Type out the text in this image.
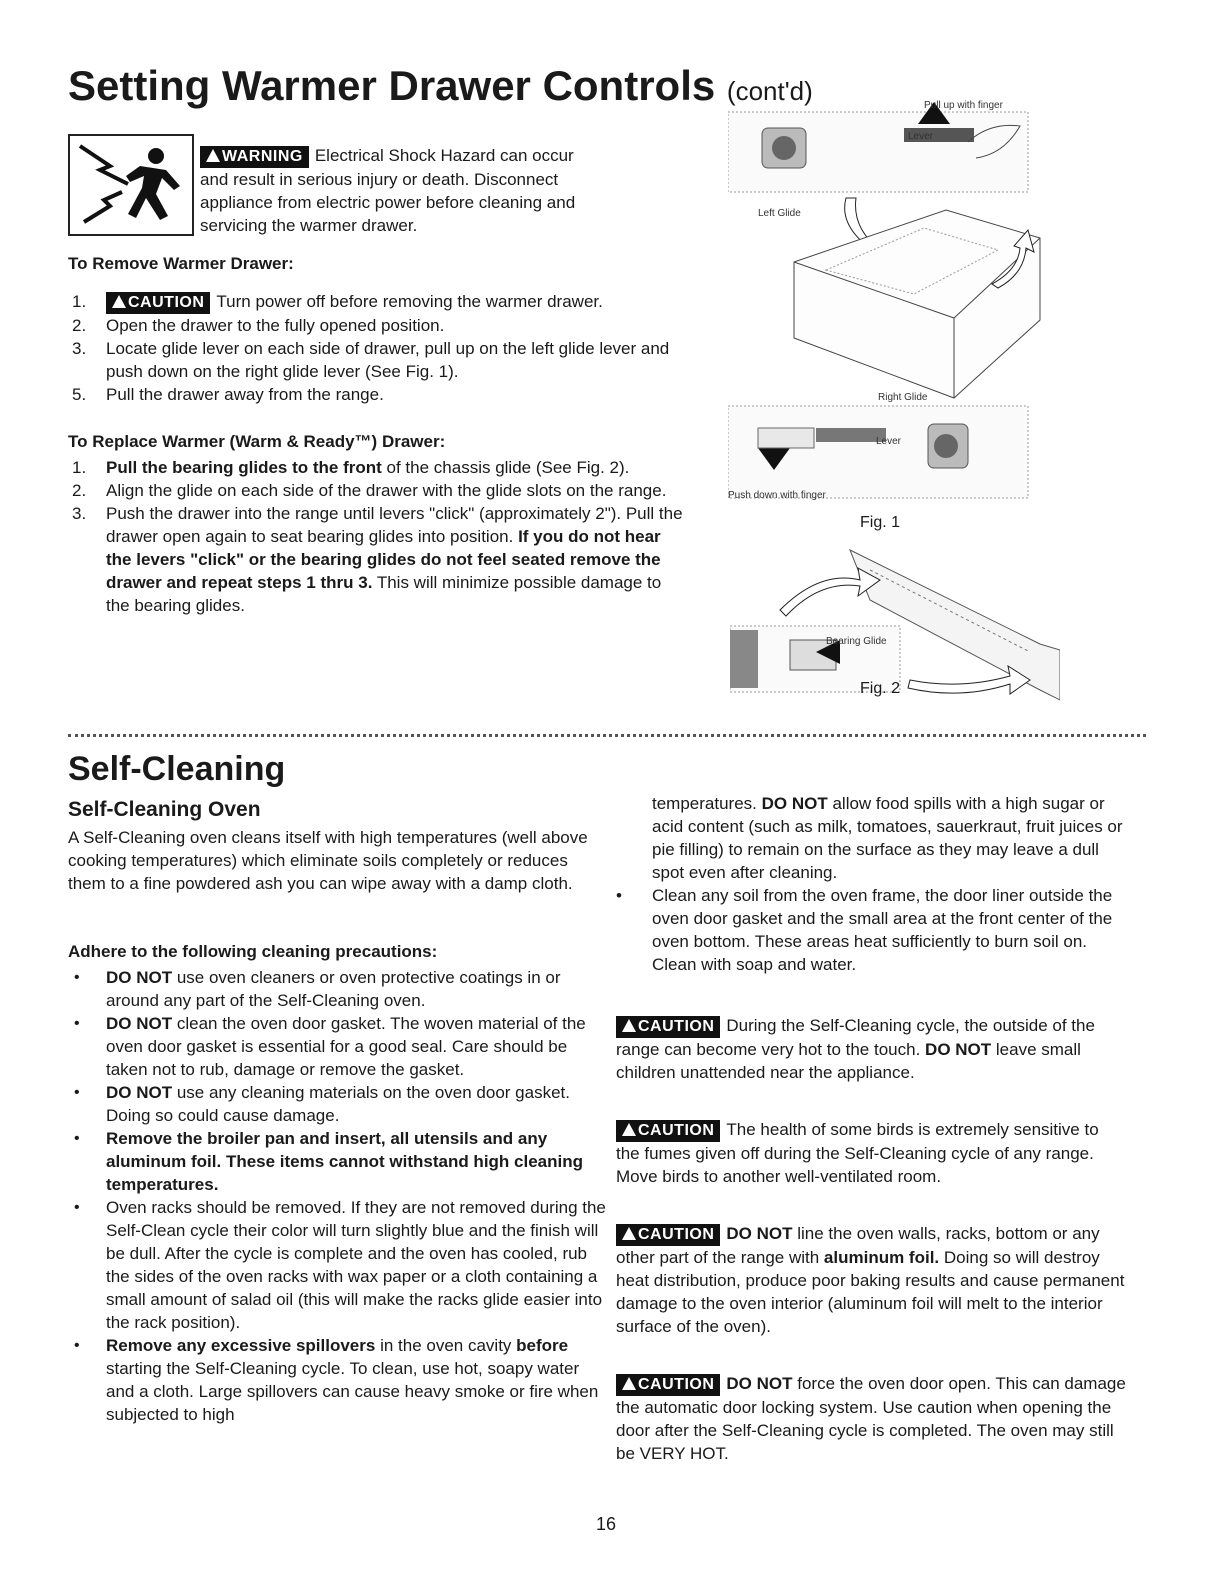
Setting Warmer Drawer Controls (cont'd)
WARNING Electrical Shock Hazard can occur and result in serious injury or death. Disconnect appliance from electric power before cleaning and servicing the warmer drawer.
To Remove Warmer Drawer:
1.	CAUTION Turn power off before removing the warmer drawer.
2. Open the drawer to the fully opened position.
3. Locate glide lever on each side of drawer, pull up on the left glide lever and push down on the right glide lever (See Fig. 1).
5. Pull the drawer away from the range.
To Replace Warmer (Warm & Ready™) Drawer:
1. Pull the bearing glides to the front of the chassis glide (See Fig. 2).
2. Align the glide on each side of the drawer with the glide slots on the range.
3. Push the drawer into the range until levers "click" (approximately 2"). Pull the drawer open again to seat bearing glides into position. If you do not hear the levers "click" or the bearing glides do not feel seated remove the drawer and repeat steps 1 thru 3. This will minimize possible damage to the bearing glides.
Lever
Pull up with finger
Left Glide
Right Glide
Lever
Push down with finger
Fig. 1
Bearing Glide
Fig. 2
Self-Cleaning
Self-Cleaning Oven
A Self-Cleaning oven cleans itself with high temperatures (well above cooking temperatures) which eliminate soils completely or reduces them to a fine powdered ash you can wipe away with a damp cloth.
Adhere to the following cleaning precautions:
• DO NOT use oven cleaners or oven protective coatings in or around any part of the Self-Cleaning oven.
• DO NOT clean the oven door gasket. The woven material of the oven door gasket is essential for a good seal. Care should be taken not to rub, damage or remove the gasket.
• DO NOT use any cleaning materials on the oven door gasket. Doing so could cause damage.
• Remove the broiler pan and insert, all utensils and any aluminum foil. These items cannot withstand high cleaning temperatures.
• Oven racks should be removed. If they are not removed during the Self-Clean cycle their color will turn slightly blue and the finish will be dull. After the cycle is complete and the oven has cooled, rub the sides of the oven racks with wax paper or a cloth containing a small amount of salad oil (this will make the racks glide easier into the rack position).
• Remove any excessive spillovers in the oven cavity before starting the Self-Cleaning cycle. To clean, use hot, soapy water and a cloth. Large spillovers can cause heavy smoke or fire when subjected to high
temperatures. DO NOT allow food spills with a high sugar or acid content (such as milk, tomatoes, sauerkraut, fruit juices or pie filling) to remain on the surface as they may leave a dull spot even after cleaning.
• Clean any soil from the oven frame, the door liner outside the oven door gasket and the small area at the front center of the oven bottom. These areas heat sufficiently to burn soil on. Clean with soap and water.
CAUTION During the Self-Cleaning cycle, the outside of the range can become very hot to the touch. DO NOT leave small children unattended near the appliance.
CAUTION The health of some birds is extremely sensitive to the fumes given off during the Self-Cleaning cycle of any range. Move birds to another well-ventilated room.
CAUTION DO NOT line the oven walls, racks, bottom or any other part of the range with aluminum foil. Doing so will destroy heat distribution, produce poor baking results and cause permanent damage to the oven interior (aluminum foil will melt to the interior surface of the oven).
CAUTION DO NOT force the oven door open. This can damage the automatic door locking system. Use caution when opening the door after the Self-Cleaning cycle is completed. The oven may still be VERY HOT.
16
